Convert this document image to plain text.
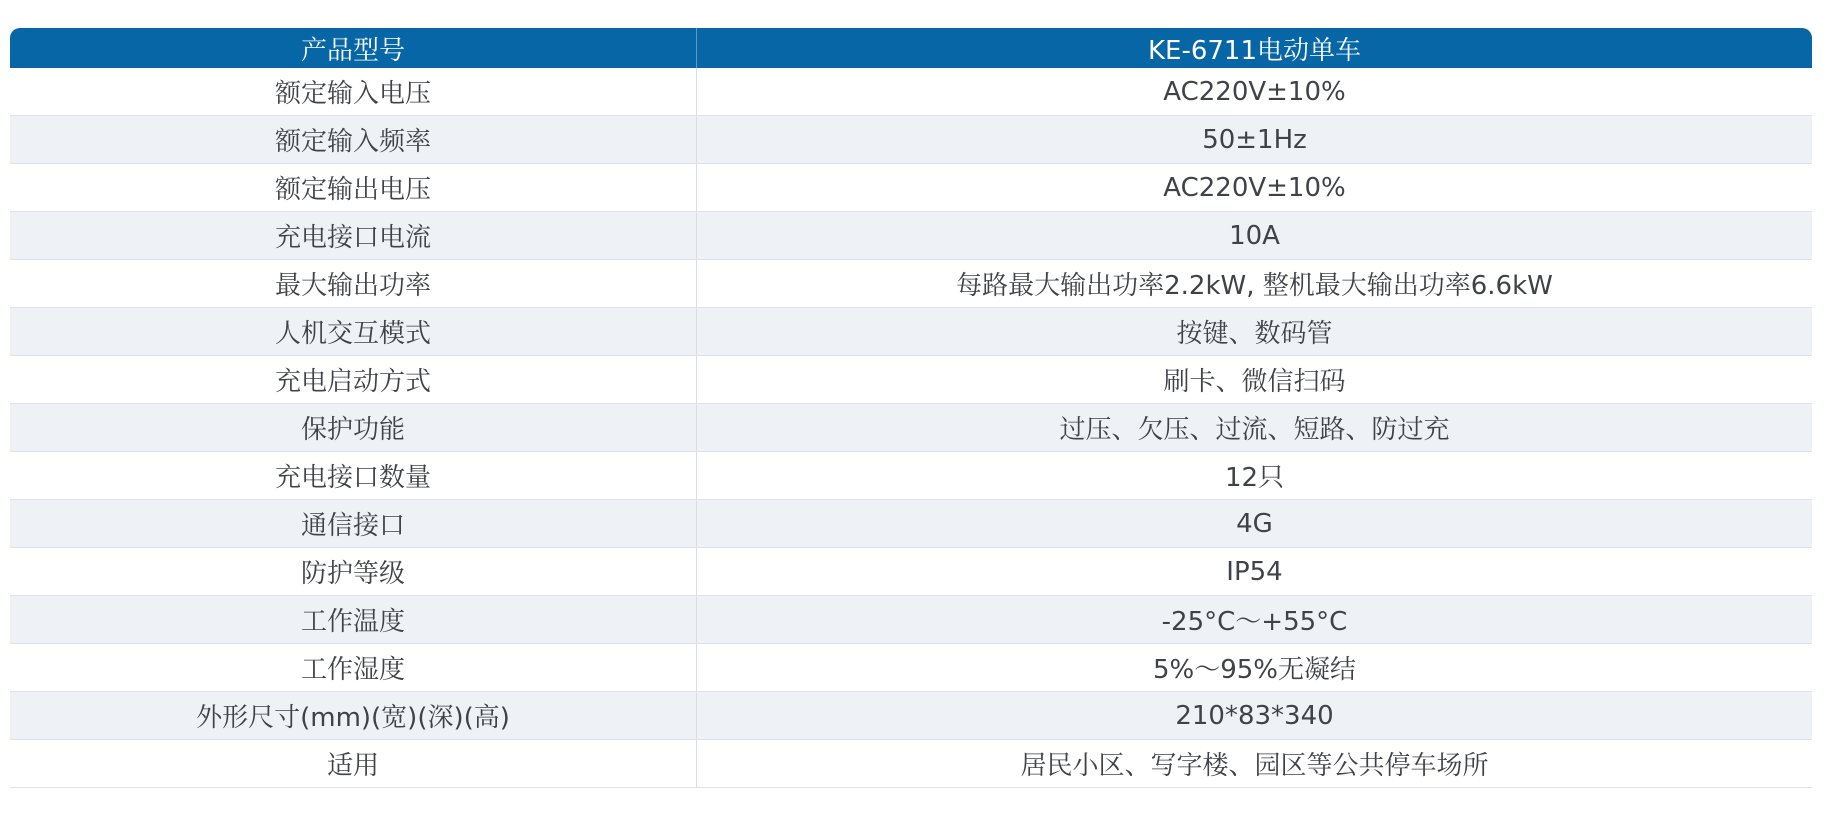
产品型号	KE-6711电动单车
额定输入电压	AC220V±10%
额定输入频率	50±1Hz
额定输出电压	AC220V±10%
充电接口电流	10A
最大输出功率	每路最大输出功率2.2kW, 整机最大输出功率6.6kW
人机交互模式	按键、数码管
充电启动方式	刷卡、微信扫码
保护功能	过压、欠压、过流、短路、防过充
充电接口数量	12只
通信接口	4G
防护等级	IP54
工作温度	-25°C～+55°C
工作湿度	5%～95%无凝结
外形尺寸(mm)(宽)(深)(高)	210*83*340
适用	居民小区、写字楼、园区等公共停车场所
